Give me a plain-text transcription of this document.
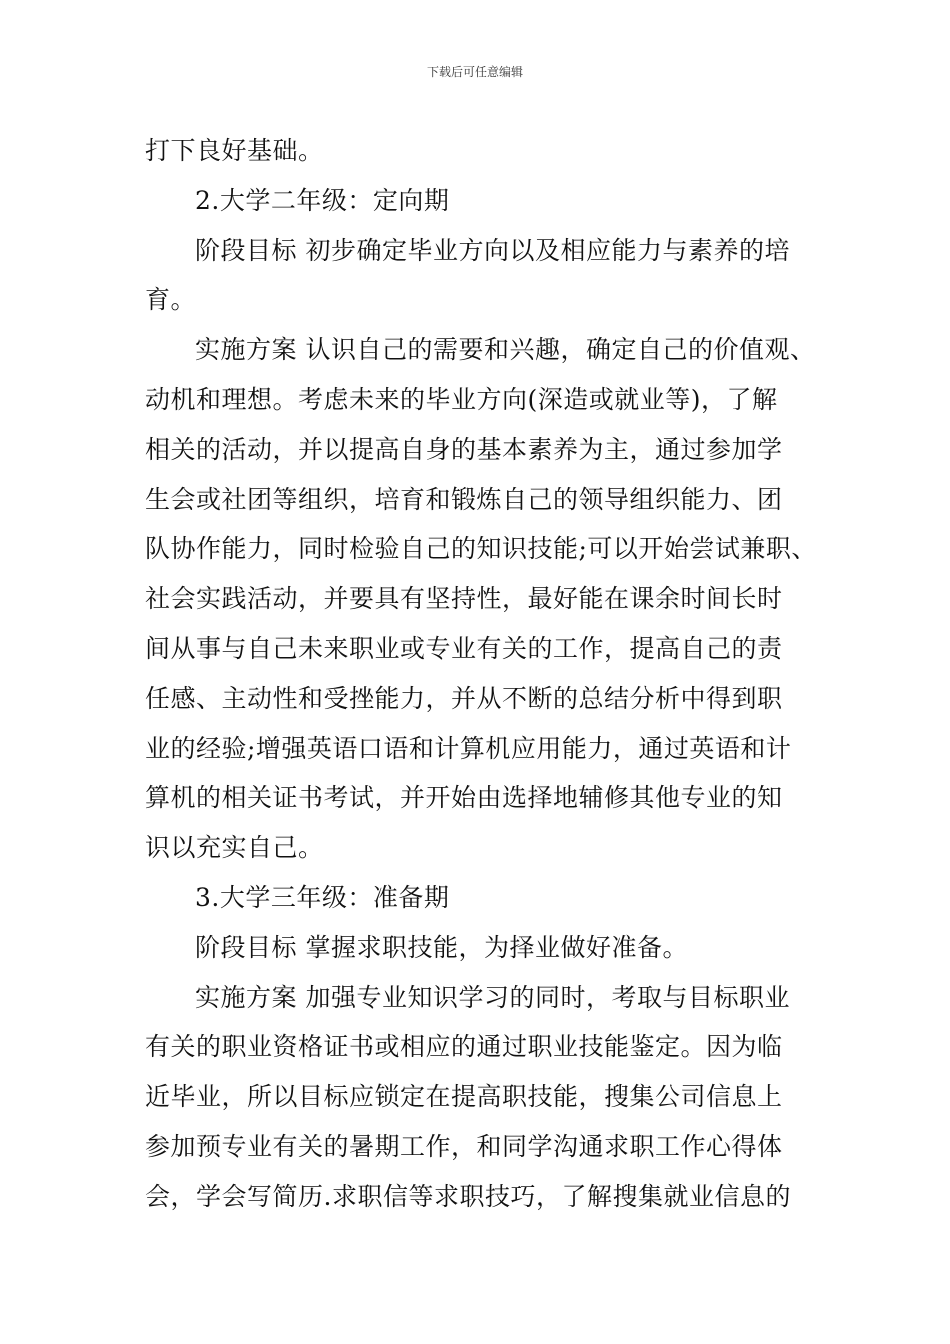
下载后可任意编辑
打下良好基础。
2.大学二年级：定向期
阶段目标 初步确定毕业方向以及相应能力与素养的培
育。
实施方案 认识自己的需要和兴趣，确定自己的价值观、
动机和理想。考虑未来的毕业方向(深造或就业等)，了解
相关的活动，并以提高自身的基本素养为主，通过参加学
生会或社团等组织，培育和锻炼自己的领导组织能力、团
队协作能力，同时检验自己的知识技能;可以开始尝试兼职、
社会实践活动，并要具有坚持性，最好能在课余时间长时
间从事与自己未来职业或专业有关的工作，提高自己的责
任感、主动性和受挫能力，并从不断的总结分析中得到职
业的经验;增强英语口语和计算机应用能力，通过英语和计
算机的相关证书考试，并开始由选择地辅修其他专业的知
识以充实自己。
3.大学三年级：准备期
阶段目标 掌握求职技能，为择业做好准备。
实施方案 加强专业知识学习的同时，考取与目标职业
有关的职业资格证书或相应的通过职业技能鉴定。因为临
近毕业，所以目标应锁定在提高职技能，搜集公司信息上
参加预专业有关的暑期工作，和同学沟通求职工作心得体
会，学会写简历.求职信等求职技巧，了解搜集就业信息的
